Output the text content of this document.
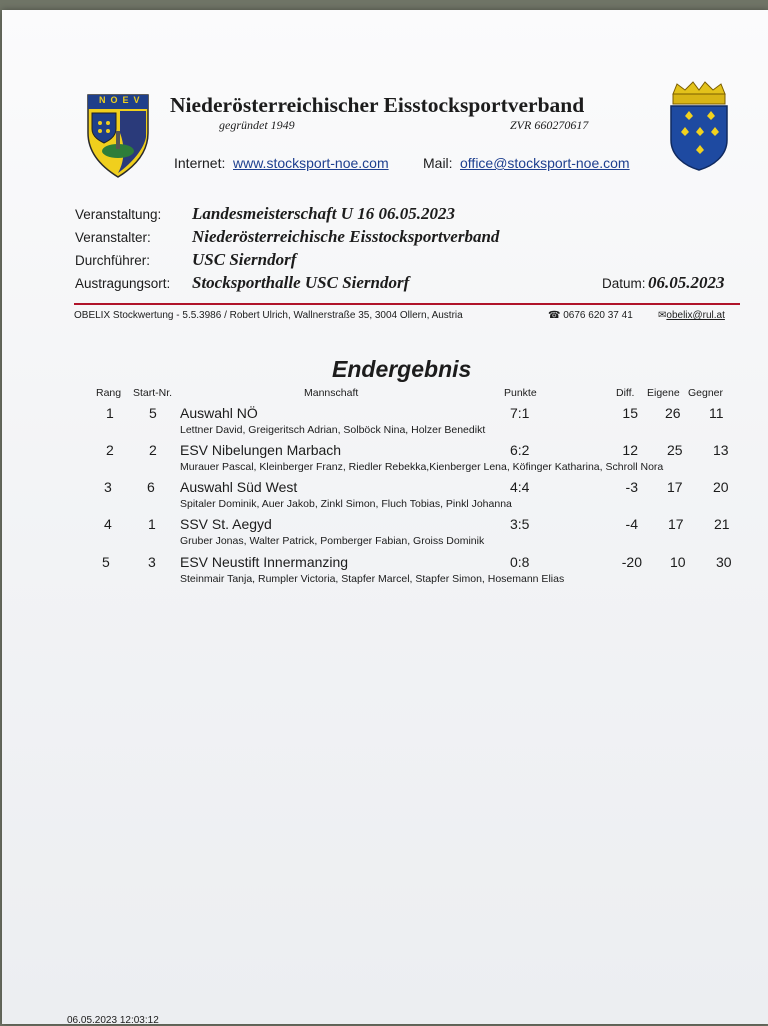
NOEV Niederösterreichischer Eisstocksportverband
gegründet 1949	ZVR 660270617
Internet: www.stocksport-noe.com Mail: office@stocksport-noe.com
Veranstaltung: Landesmeisterschaft U 16 06.05.2023
Veranstalter: Niederösterreichische Eisstocksportverband
Durchführer: USC Sierndorf
Austragungsort: Stocksporthalle USC Sierndorf	Datum: 06.05.2023
OBELIX Stockwertung - 5.5.3986 / Robert Ulrich, Wallnerstraße 35, 3004 Ollern, Austria	☎ 0676 620 37 41	✉obelix@rul.at
Endergebnis
Rang Start-Nr.	Mannschaft	Punkte	Diff. Eigene Gegner
1	5 Auswahl NÖ	7:1	15 26 11
Lettner David, Greigeritsch Adrian, Solböck Nina, Holzer Benedikt
2	2 ESV Nibelungen Marbach	6:2	12 25 13
Murauer Pascal, Kleinberger Franz, Riedler Rebekka,Kienberger Lena, Köfinger Katharina, Schroll Nora
3	6 Auswahl Süd West	4:4	-3 17 20
Spitaler Dominik, Auer Jakob, Zinkl Simon, Fluch Tobias, Pinkl Johanna
4	1 SSV St. Aegyd	3:5	-4 17 21
Gruber Jonas, Walter Patrick, Pomberger Fabian, Groiss Dominik
5	3 ESV Neustift Innermanzing	0:8	-20 10 30
Steinmair Tanja, Rumpler Victoria, Stapfer Marcel, Stapfer Simon, Hosemann Elias
06.05.2023 12:03:12
